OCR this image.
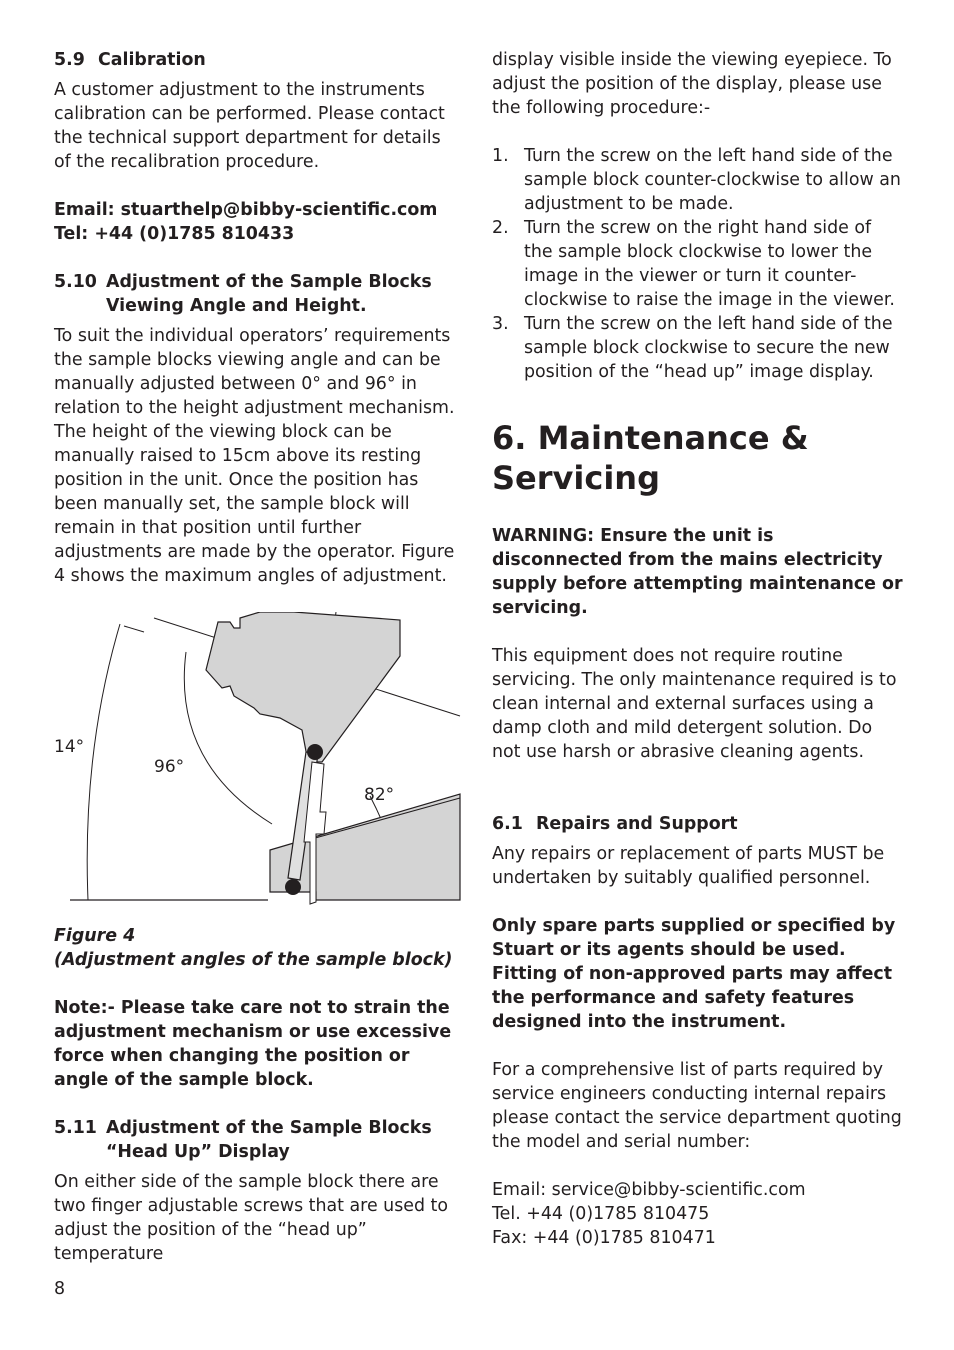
5.9 Calibration

A customer adjustment to the instruments calibration can be performed. Please contact the technical support department for details of the recalibration procedure.

Email: stuarthelp@bibby-scientific.com

Tel: +44 (0)1785 810433

5.10 Adjustment of the Sample Blocks Viewing Angle and Height.

To suit the individual operators’ requirements the sample blocks viewing angle and can be manually adjusted between 0° and 96° in relation to the height adjustment mechanism. The height of the viewing block can be manually raised to 15cm above its resting position in the unit. Once the position has been manually set, the sample block will remain in that position until further adjustments are made by the operator. Figure 4 shows the maximum angles of adjustment.

14°
96°
82°

Figure 4

(Adjustment angles of the sample block)

Note:- Please take care not to strain the adjustment mechanism or use excessive force when changing the position or angle of the sample block.

5.11 Adjustment of the Sample Blocks “Head Up” Display

On either side of the sample block there are two finger adjustable screws that are used to adjust the position of the “head up” temperature

display visible inside the viewing eyepiece. To adjust the position of the display, please use the following procedure:-

1. Turn the screw on the left hand side of the sample block counter-clockwise to allow an adjustment to be made.
2. Turn the screw on the right hand side of the sample block clockwise to lower the image in the viewer or turn it counter-clockwise to raise the image in the viewer.
3. Turn the screw on the left hand side of the sample block clockwise to secure the new position of the “head up” image display.
6. Maintenance & Servicing

WARNING: Ensure the unit is disconnected from the mains electricity supply before attempting maintenance or servicing.

This equipment does not require routine servicing. The only maintenance required is to clean internal and external surfaces using a damp cloth and mild detergent solution. Do not use harsh or abrasive cleaning agents.

6.1 Repairs and Support

Any repairs or replacement of parts MUST be undertaken by suitably qualified personnel.

Only spare parts supplied or specified by Stuart or its agents should be used. Fitting of non-approved parts may affect the performance and safety features designed into the instrument.

For a comprehensive list of parts required by service engineers conducting internal repairs please contact the service department quoting the model and serial number:

Email: service@bibby-scientific.com

Tel. +44 (0)1785 810475

Fax: +44 (0)1785 810471

8
